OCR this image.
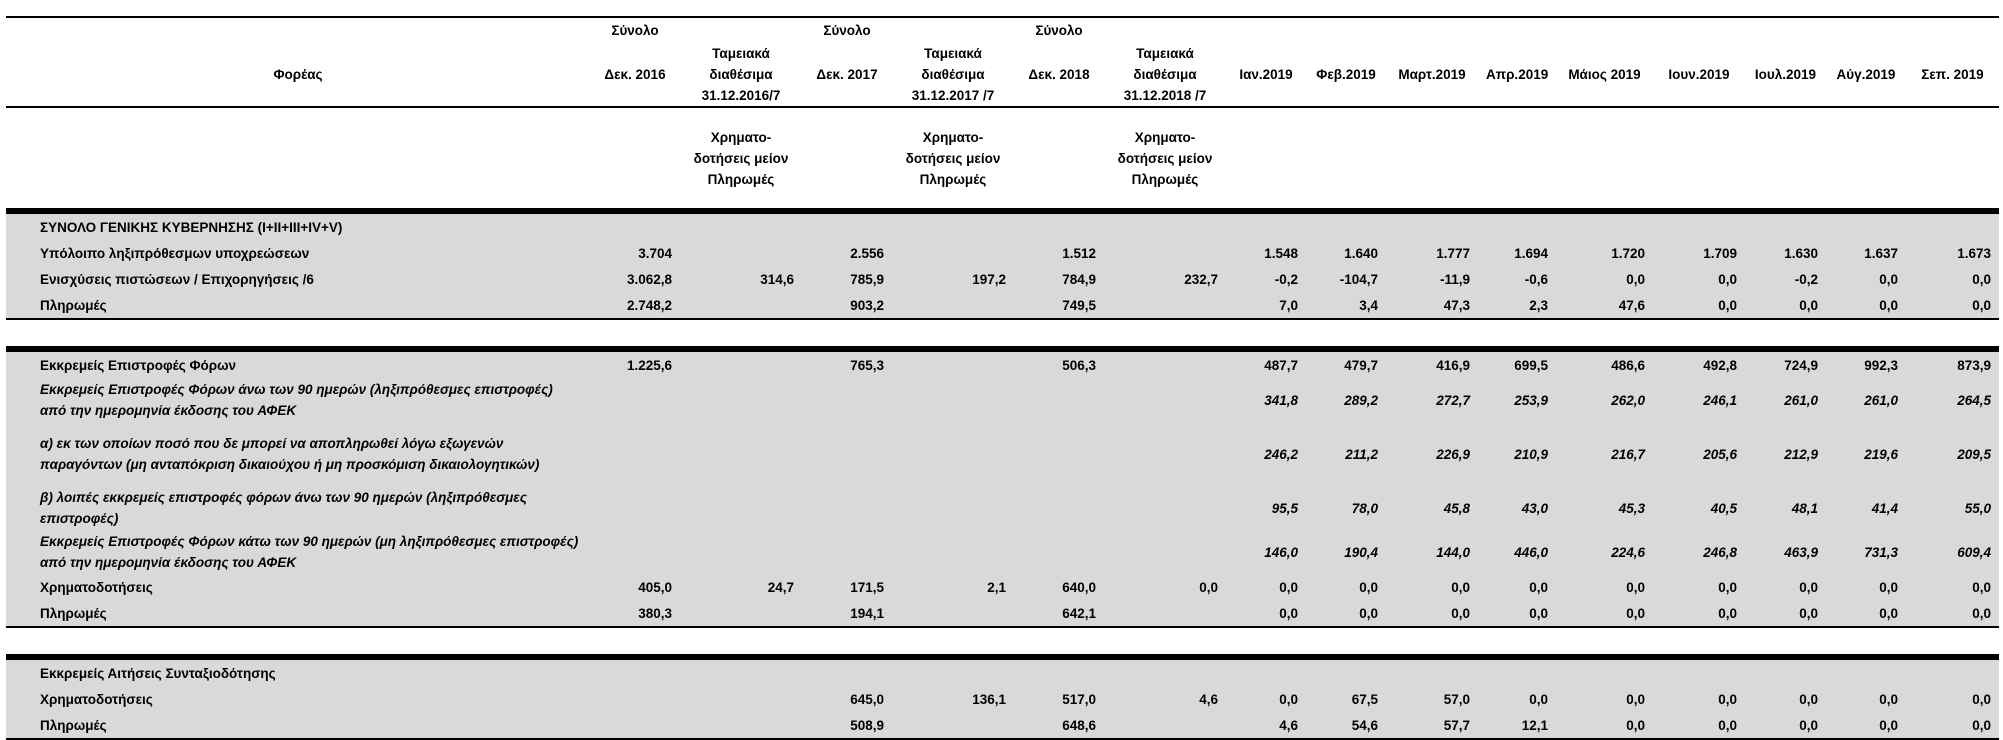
	Σύνολο		Σύνολο		Σύνολο										
Φορέας	Δεκ. 2016	Ταμειακά διαθέσιμα 31.12.2016/7	Δεκ. 2017	Ταμειακά διαθέσιμα 31.12.2017 /7	Δεκ. 2018	Ταμειακά διαθέσιμα 31.12.2018 /7	Ιαν.2019	Φεβ.2019	Μαρτ.2019	Απρ.2019	Μάιος 2019	Ιουν.2019	Ιουλ.2019	Αύγ.2019	Σεπ. 2019
		Χρηματο- δοτήσεις μείον Πληρωμές		Χρηματο- δοτήσεις μείον Πληρωμές		Χρηματο- δοτήσεις μείον Πληρωμές									

ΣΥΝΟΛΟ ΓΕΝΙΚΗΣ ΚΥΒΕΡΝΗΣΗΣ (I+II+III+IV+V)															
Υπόλοιπο ληξιπρόθεσμων υποχρεώσεων	3.704		2.556		1.512		1.548	1.640	1.777	1.694	1.720	1.709	1.630	1.637	1.673
Ενισχύσεις πιστώσεων / Επιχορηγήσεις /6	3.062,8	314,6	785,9	197,2	784,9	232,7	-0,2	-104,7	-11,9	-0,6	0,0	0,0	-0,2	0,0	0,0
Πληρωμές	2.748,2		903,2		749,5		7,0	3,4	47,3	2,3	47,6	0,0	0,0	0,0	0,0

Εκκρεμείς Επιστροφές Φόρων	1.225,6		765,3		506,3		487,7	479,7	416,9	699,5	486,6	492,8	724,9	992,3	873,9
Εκκρεμείς Επιστροφές Φόρων άνω των 90 ημερών (ληξιπρόθεσμες επιστροφές) από την ημερομηνία έκδοσης του ΑΦΕΚ							341,8	289,2	272,7	253,9	262,0	246,1	261,0	261,0	264,5
α) εκ των οποίων ποσό που δε μπορεί να αποπληρωθεί λόγω εξωγενών παραγόντων (μη ανταπόκριση δικαιούχου ή μη προσκόμιση δικαιολογητικών)							246,2	211,2	226,9	210,9	216,7	205,6	212,9	219,6	209,5
β) λοιπές εκκρεμείς επιστροφές φόρων άνω των 90 ημερών (ληξιπρόθεσμες επιστροφές)							95,5	78,0	45,8	43,0	45,3	40,5	48,1	41,4	55,0
Εκκρεμείς Επιστροφές Φόρων κάτω των 90 ημερών (μη ληξιπρόθεσμες επιστροφές) από την ημερομηνία έκδοσης του ΑΦΕΚ							146,0	190,4	144,0	446,0	224,6	246,8	463,9	731,3	609,4
Χρηματοδοτήσεις	405,0	24,7	171,5	2,1	640,0	0,0	0,0	0,0	0,0	0,0	0,0	0,0	0,0	0,0	0,0
Πληρωμές	380,3		194,1		642,1		0,0	0,0	0,0	0,0	0,0	0,0	0,0	0,0	0,0

Εκκρεμείς Αιτήσεις Συνταξιοδότησης															
Χρηματοδοτήσεις			645,0	136,1	517,0	4,6	0,0	67,5	57,0	0,0	0,0	0,0	0,0	0,0	0,0
Πληρωμές			508,9		648,6		4,6	54,6	57,7	12,1	0,0	0,0	0,0	0,0	0,0
